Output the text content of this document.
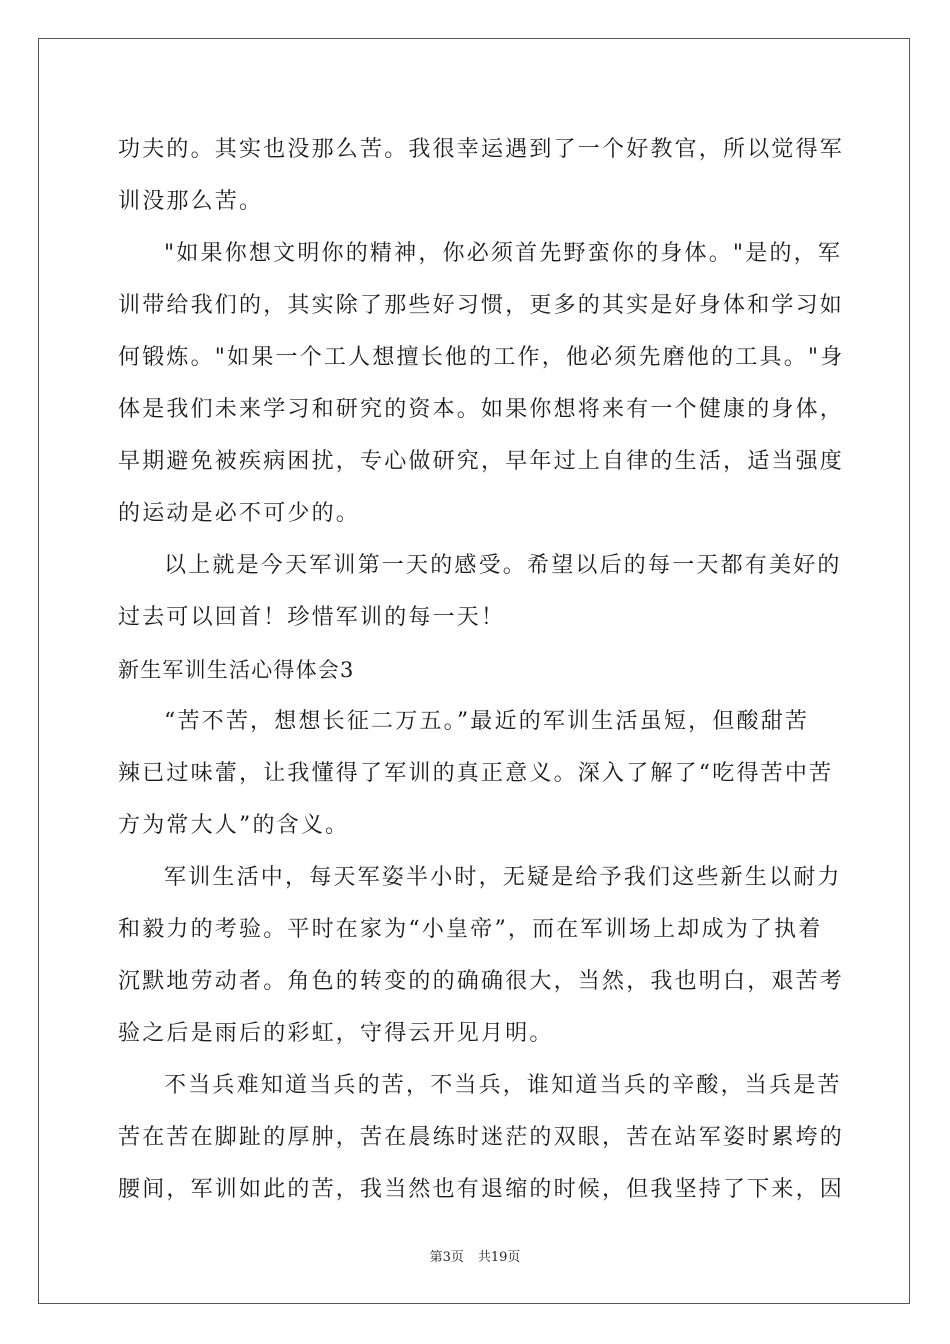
功夫的。其实也没那么苦。我很幸运遇到了一个好教官，所以觉得军
训没那么苦。
"如果你想文明你的精神，你必须首先野蛮你的身体。"是的，军
训带给我们的，其实除了那些好习惯，更多的其实是好身体和学习如
何锻炼。"如果一个工人想擅长他的工作，他必须先磨他的工具。"身
体是我们未来学习和研究的资本。如果你想将来有一个健康的身体，
早期避免被疾病困扰，专心做研究，早年过上自律的生活，适当强度
的运动是必不可少的。
以上就是今天军训第一天的感受。希望以后的每一天都有美好的
过去可以回首！珍惜军训的每一天！
新生军训生活心得体会3
“苦不苦，想想长征二万五。”最近的军训生活虽短，但酸甜苦
辣已过味蕾，让我懂得了军训的真正意义。深入了解了“吃得苦中苦
方为常大人”的含义。
军训生活中，每天军姿半小时，无疑是给予我们这些新生以耐力
和毅力的考验。平时在家为“小皇帝”，而在军训场上却成为了执着
沉默地劳动者。角色的转变的的确确很大，当然，我也明白，艰苦考
验之后是雨后的彩虹，守得云开见月明。
不当兵难知道当兵的苦，不当兵，谁知道当兵的辛酸，当兵是苦
苦在苦在脚趾的厚肿，苦在晨练时迷茫的双眼，苦在站军姿时累垮的
腰间，军训如此的苦，我当然也有退缩的时候，但我坚持了下来，因
第3页 共19页
